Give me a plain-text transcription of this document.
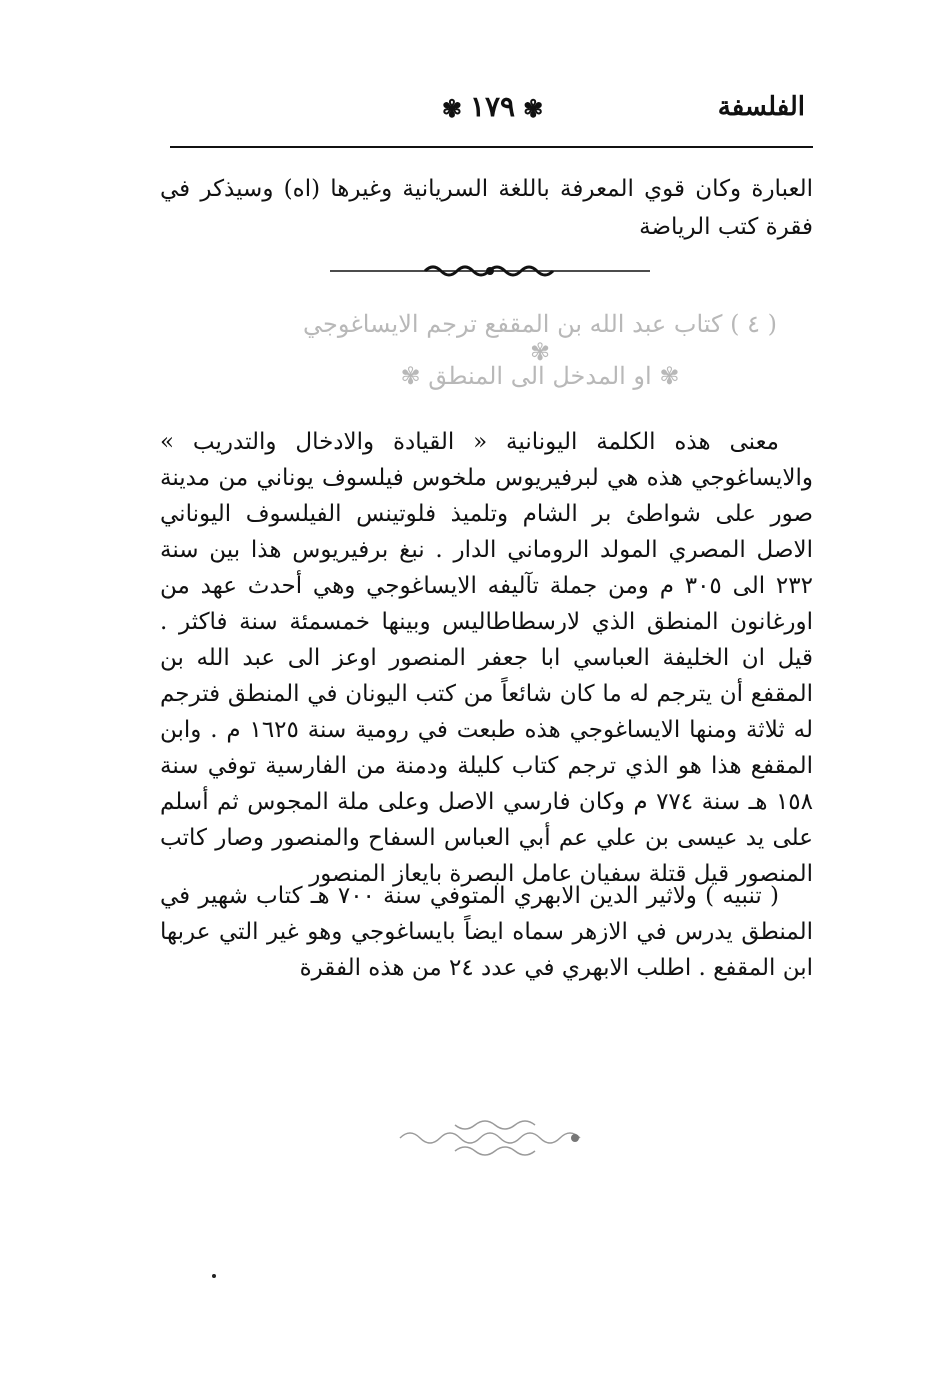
الفلسفة
✾١٧٩✾
العبارة وكان قوي المعرفة باللغة السريانية وغيرها (اه) وسيذكر في فقرة كتب الرياضة
( ٤ ) كتاب عبد الله بن المقفع ترجم الايساغوجي ✾
✾ او المدخل الى المنطق ✾

معنى هذه الكلمة اليونانية « القيادة والادخال والتدريب » والايساغوجي هذه هي لبرفيريوس ملخوس فيلسوف يوناني من مدينة صور على شواطئ بر الشام وتلميذ فلوتينس الفيلسوف اليوناني الاصل المصري المولد الروماني الدار . نبغ برفيريوس هذا بين سنة ٢٣٢ الى ٣٠٥ م ومن جملة تآليفه الايساغوجي وهي أحدث عهد من اورغانون المنطق الذي لارسطاطاليس وبينها خمسمئة سنة فاكثر . قيل ان الخليفة العباسي ابا جعفر المنصور اوعز الى عبد الله بن المقفع أن يترجم له ما كان شائعاً من كتب اليونان في المنطق فترجم له ثلاثة ومنها الايساغوجي هذه طبعت في رومية سنة ١٦٢٥ م . وابن المقفع هذا هو الذي ترجم كتاب كليلة ودمنة من الفارسية توفي سنة ١٥٨ هـ سنة ٧٧٤ م وكان فارسي الاصل وعلى ملة المجوس ثم أسلم على يد عيسى بن علي عم أبي العباس السفاح والمنصور وصار كاتب المنصور قيل قتلة سفيان عامل البصرة بايعاز المنصور

( تنبيه ) ولاثير الدين الابهري المتوفي سنة ٧٠٠ هـ كتاب شهير في المنطق يدرس في الازهر سماه ايضاً بايساغوجي وهو غير التي عربها ابن المقفع . اطلب الابهري في عدد ٢٤ من هذه الفقرة
